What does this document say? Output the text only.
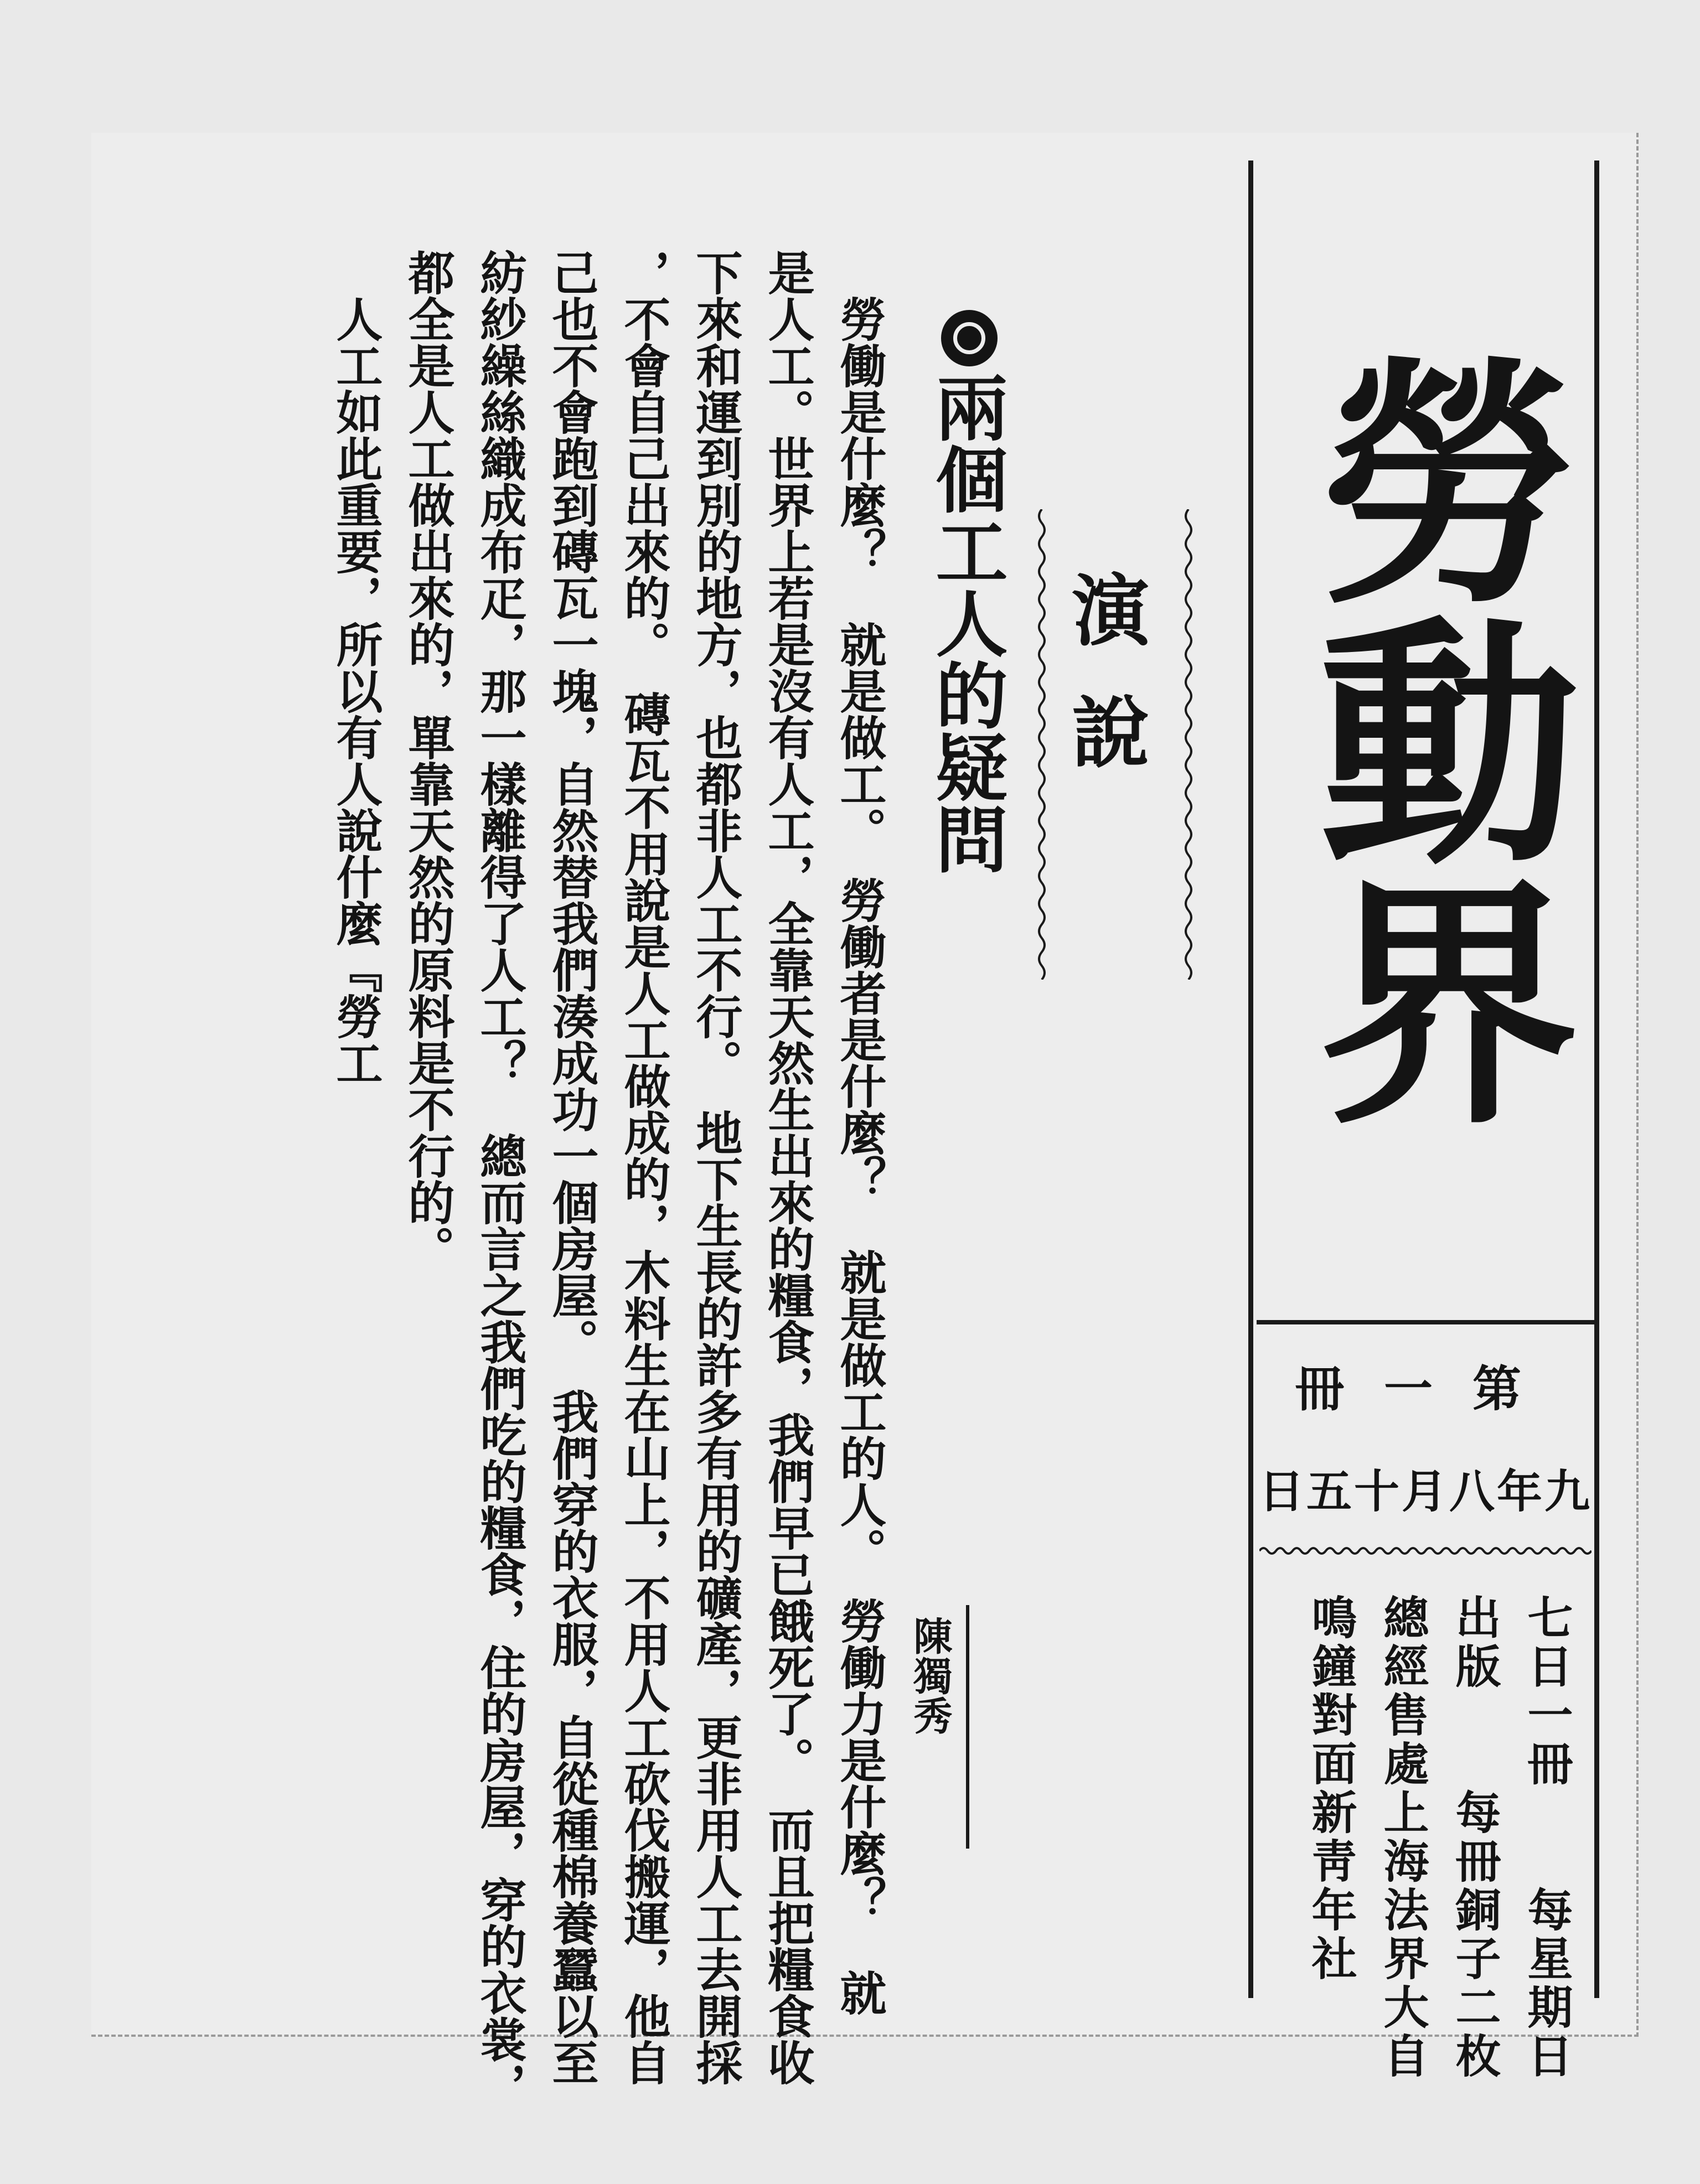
勞動界
第一冊
九年八月十五日
七日一冊　　每星期日
出版　　每冊銅子二枚
總經售處上海法界大自
鳴鐘對面新靑年社
演說
兩個工人的疑問
陳獨秀
　勞働是什麼？　就是做工。　勞働者是什麼？　就是做工的人。　勞働力是什麼？　就
是人工。世界上若是沒有人工，全靠天然生出來的糧食，我們早已餓死了。　而且把糧食收
下來和運到別的地方，也都非人工不行。　地下生長的許多有用的礦產，更非用人工去開採
，不會自己出來的。　磚瓦不用說是人工做成的，木料生在山上，不用人工砍伐搬運，他自
己也不會跑到磚瓦一塊，自然替我們湊成功一個房屋。　我們穿的衣服，自從種棉養蠶以至
紡紗繰絲織成布疋，那一樣離得了人工？　總而言之我們吃的糧食，住的房屋，穿的衣裳，
都全是人工做出來的，單靠天然的原料是不行的。
　人工如此重要，所以有人說什麼『勞工
